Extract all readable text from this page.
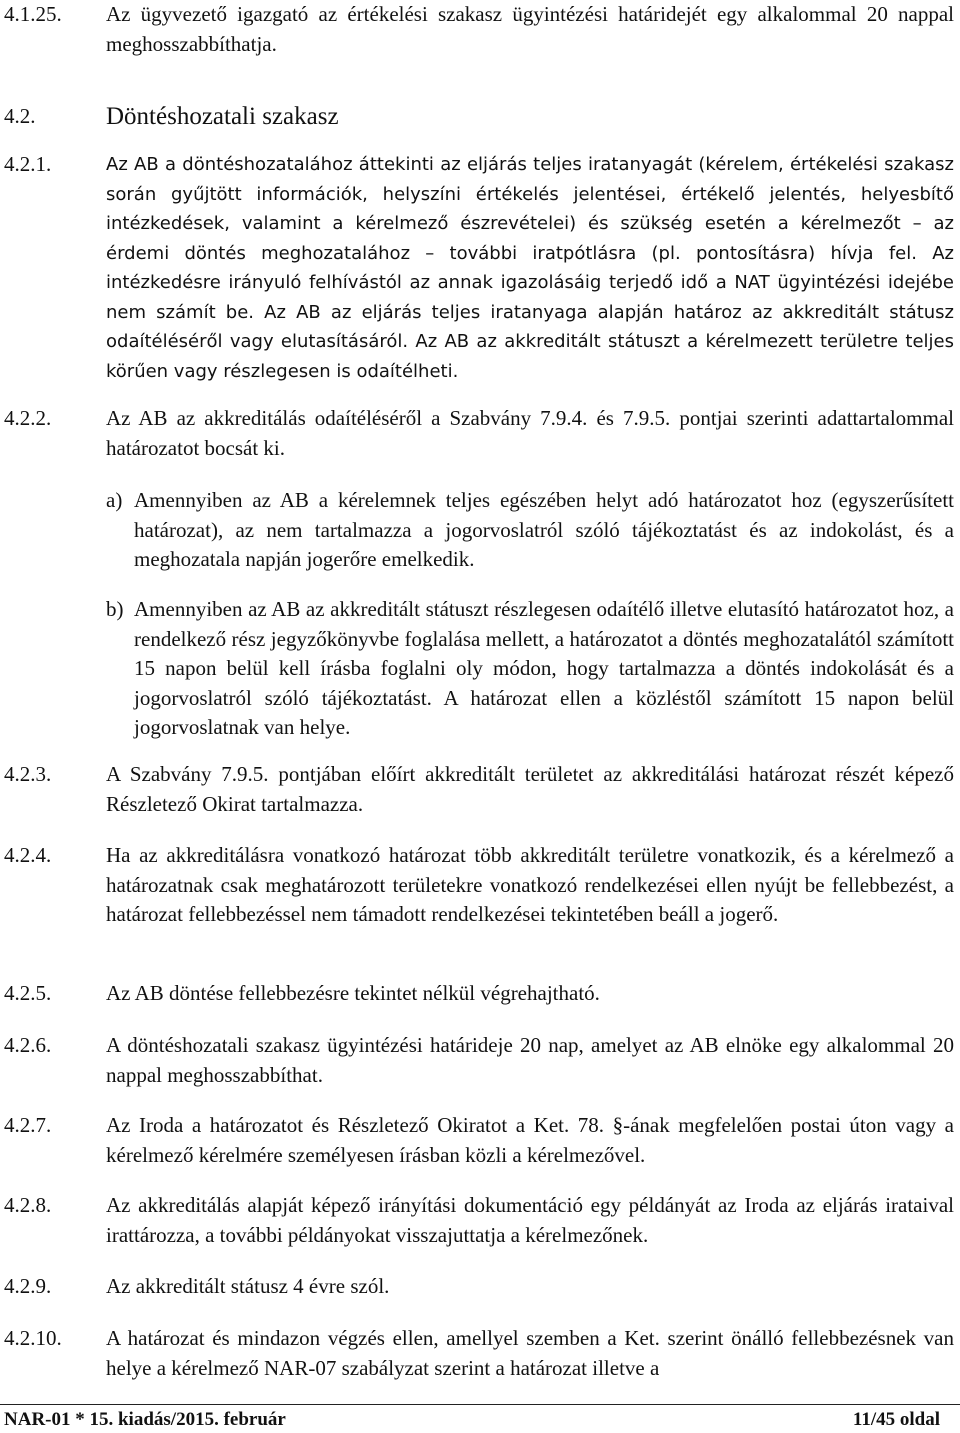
4.1.25. Az ügyvezető igazgató az értékelési szakasz ügyintézési határidejét egy alkalommal 20 nappal meghosszabbíthatja.
4.2.	Döntéshozatali szakasz
4.2.1.	Az AB a döntéshozatalához áttekinti az eljárás teljes iratanyagát (kérelem, értékelési szakasz során gyűjtött információk, helyszíni értékelés jelentései, értékelő jelentés, helyesbítő intézkedések, valamint a kérelmező észrevételei) és szükség esetén a kérelmezőt – az érdemi döntés meghozatalához – további iratpótlásra (pl. pontosításra) hívja fel. Az intézkedésre irányuló felhívástól az annak igazolásáig terjedő idő a NAT ügyintézési idejébe nem számít be. Az AB az eljárás teljes iratanyaga alapján határoz az akkreditált státusz odaítéléséről vagy elutasításáról. Az AB az akkreditált státuszt a kérelmezett területre teljes körűen vagy részlegesen is odaítélheti.
4.2.2.	Az AB az akkreditálás odaítéléséről a Szabvány 7.9.4. és 7.9.5. pontjai szerinti adattartalommal határozatot bocsát ki.
a) Amennyiben az AB a kérelemnek teljes egészében helyt adó határozatot hoz (egyszerűsített határozat), az nem tartalmazza a jogorvoslatról szóló tájékoztatást és az indokolást, és a meghozatala napján jogerőre emelkedik.
b) Amennyiben az AB az akkreditált státuszt részlegesen odaítélő illetve elutasító határozatot hoz, a rendelkező rész jegyzőkönyvbe foglalása mellett, a határozatot a döntés meghozatalától számított 15 napon belül kell írásba foglalni oly módon, hogy tartalmazza a döntés indokolását és a jogorvoslatról szóló tájékoztatást. A határozat ellen a közléstől számított 15 napon belül jogorvoslatnak van helye.
4.2.3.	A Szabvány 7.9.5. pontjában előírt akkreditált területet az akkreditálási határozat részét képező Részletező Okirat tartalmazza.
4.2.4.	Ha az akkreditálásra vonatkozó határozat több akkreditált területre vonatkozik, és a kérelmező a határozatnak csak meghatározott területekre vonatkozó rendelkezései ellen nyújt be fellebbezést, a határozat fellebbezéssel nem támadott rendelkezései tekintetében beáll a jogerő.
4.2.5.	Az AB döntése fellebbezésre tekintet nélkül végrehajtható.
4.2.6.	A döntéshozatali szakasz ügyintézési határideje 20 nap, amelyet az AB elnöke egy alkalommal 20 nappal meghosszabbíthat.
4.2.7.	Az Iroda a határozatot és Részletező Okiratot a Ket. 78. §-ának megfelelően postai úton vagy a kérelmező kérelmére személyesen írásban közli a kérelmezővel.
4.2.8.	Az akkreditálás alapját képező irányítási dokumentáció egy példányát az Iroda az eljárás irataival irattározza, a további példányokat visszajuttatja a kérelmezőnek.
4.2.9.	Az akkreditált státusz 4 évre szól.
4.2.10. A határozat és mindazon végzés ellen, amellyel szemben a Ket. szerint önálló fellebbezésnek van helye a kérelmező NAR-07 szabályzat szerint a határozat illetve a
NAR-01 * 15. kiadás/2015. február	11/45 oldal
